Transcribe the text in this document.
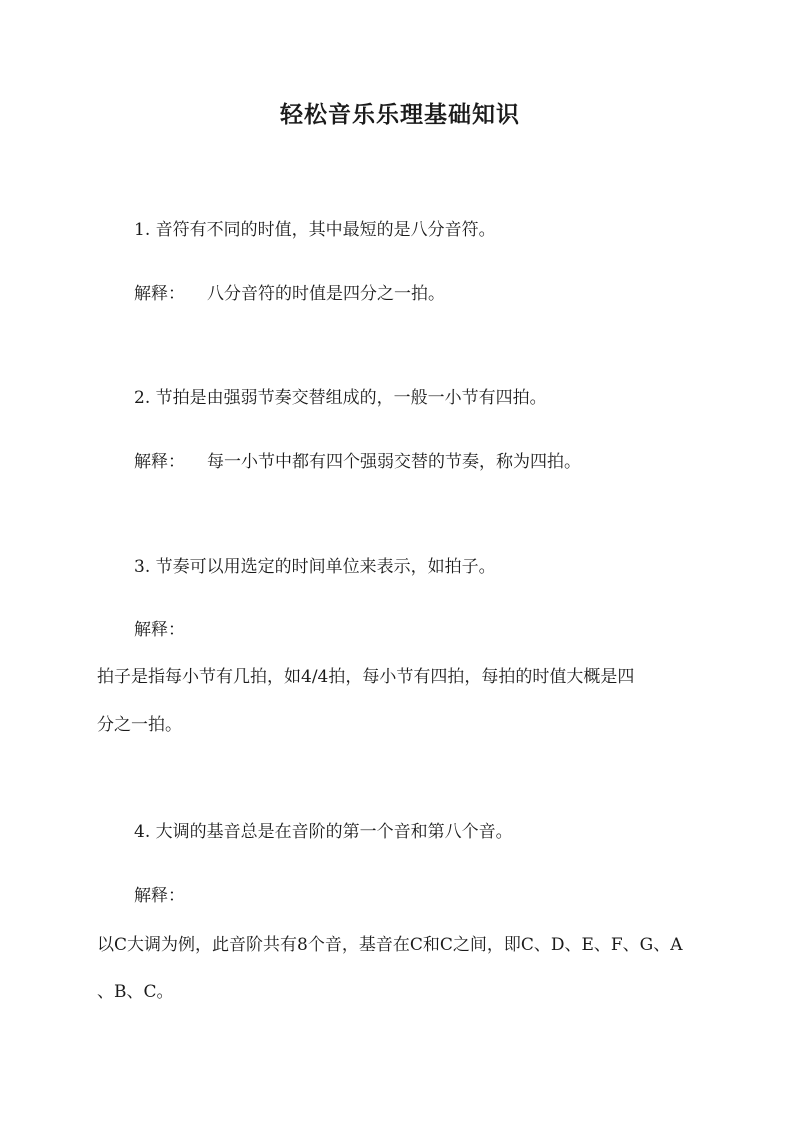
轻松音乐乐理基础知识
1. 音符有不同的时值，其中最短的是八分音符。
解释： 八分音符的时值是四分之一拍。
2. 节拍是由强弱节奏交替组成的，一般一小节有四拍。
解释： 每一小节中都有四个强弱交替的节奏，称为四拍。
3. 节奏可以用选定的时间单位来表示，如拍子。
解释：
拍子是指每小节有几拍，如4/4拍，每小节有四拍，每拍的时值大概是四
分之一拍。
4. 大调的基音总是在音阶的第一个音和第八个音。
解释：
以C大调为例，此音阶共有8个音，基音在C和C之间，即C、D、E、F、G、A
、B、C。
